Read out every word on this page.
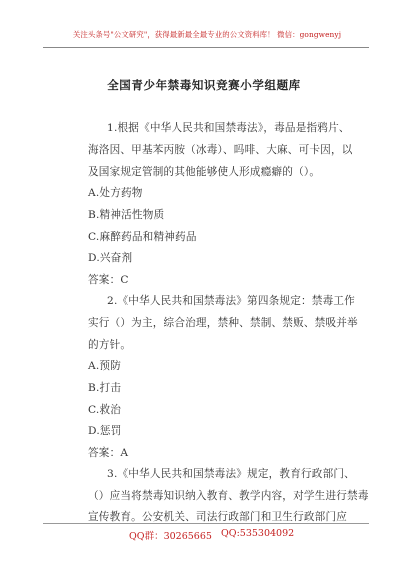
关注头条号"公文研究"，获得最新最全最专业的公文资料库！ 微信：gongwenyj
全国青少年禁毒知识竞赛小学组题库
1.根据《中华人民共和国禁毒法》，毒品是指鸦片、
海洛因、甲基苯丙胺（冰毒）、吗啡、大麻、可卡因，以
及国家规定管制的其他能够使人形成瘾癖的（）。
A.处方药物
B.精神活性物质
C.麻醉药品和精神药品
D.兴奋剂
答案：C
2.《中华人民共和国禁毒法》第四条规定：禁毒工作
实行（）为主，综合治理，禁种、禁制、禁贩、禁吸并举
的方针。
A.预防
B.打击
C.救治
D.惩罚
答案：A
3.《中华人民共和国禁毒法》规定，教育行政部门、
（）应当将禁毒知识纳入教育、教学内容，对学生进行禁毒
宣传教育。公安机关、司法行政部门和卫生行政部门应
QQ群：30265665 QQ:535304092
